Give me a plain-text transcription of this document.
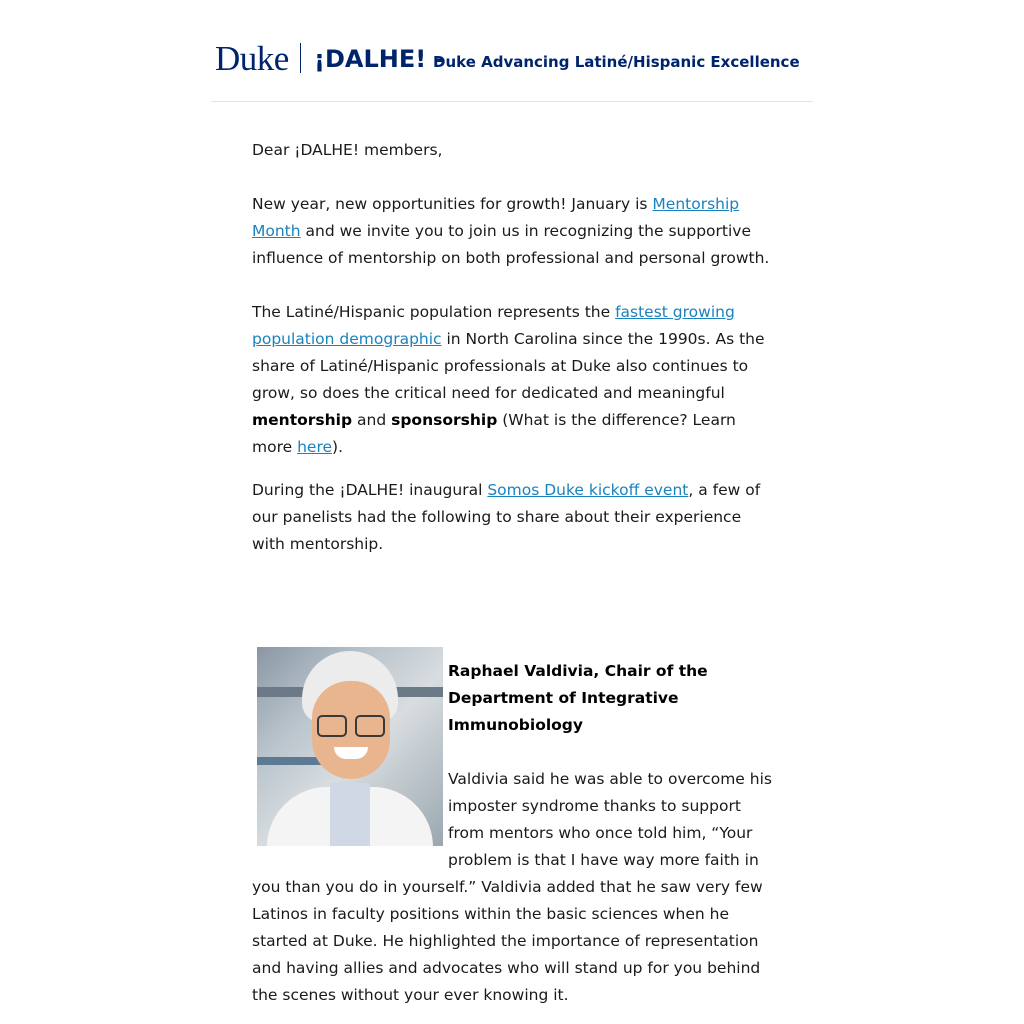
Duke ¡DALHE! -
Duke Advancing Latiné/Hispanic Excellence

Dear ¡DALHE! members,

New year, new opportunities for growth! January is Mentorship Month and we invite you to join us in recognizing the supportive influence of mentorship on both professional and personal growth.

The Latiné/Hispanic population represents the fastest growing population demographic in North Carolina since the 1990s. As the share of Latiné/Hispanic professionals at Duke also continues to grow, so does the critical need for dedicated and meaningful mentorship and sponsorship (What is the difference? Learn more here).

During the ¡DALHE! inaugural Somos Duke kickoff event, a few of our panelists had the following to share about their experience with mentorship.

Raphael Valdivia, Chair of the Department of Integrative Immunobiology

Valdivia said he was able to overcome his imposter syndrome thanks to support from mentors who once told him, “Your problem is that I have way more faith in you than you do in yourself.” Valdivia added that he saw very few Latinos in faculty positions within the basic sciences when he started at Duke. He highlighted the importance of representation and having allies and advocates who will stand up for you behind the scenes without your ever knowing it.
